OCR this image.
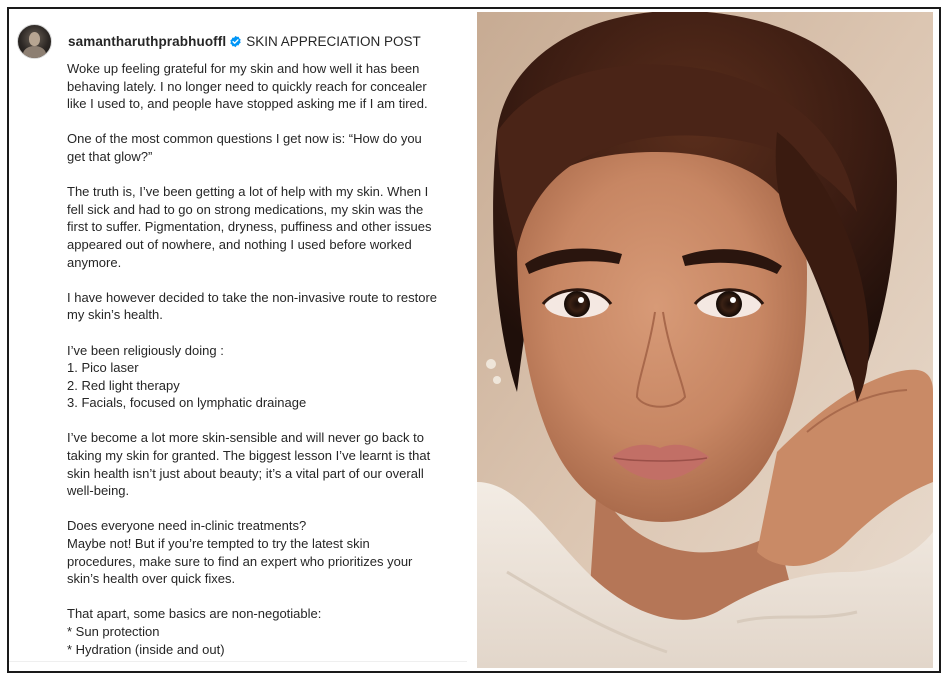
samantharuthprabhuoffl SKIN APPRECIATION POST

Woke up feeling grateful for my skin and how well it has been
behaving lately. I no longer need to quickly reach for concealer
like I used to, and people have stopped asking me if I am tired.

One of the most common questions I get now is: “How do you
get that glow?”

The truth is, I’ve been getting a lot of help with my skin. When I
fell sick and had to go on strong medications, my skin was the
first to suffer. Pigmentation, dryness, puffiness and other issues
appeared out of nowhere, and nothing I used before worked
anymore.

I have however decided to take the non-invasive route to restore
my skin’s health.

I’ve been religiously doing :
1. Pico laser
2. Red light therapy
3. Facials, focused on lymphatic drainage

I’ve become a lot more skin-sensible and will never go back to
taking my skin for granted. The biggest lesson I’ve learnt is that
skin health isn’t just about beauty; it’s a vital part of our overall
well-being.

Does everyone need in-clinic treatments?
Maybe not! But if you’re tempted to try the latest skin
procedures, make sure to find an expert who prioritizes your
skin’s health over quick fixes.

That apart, some basics are non-negotiable:
* Sun protection
* Hydration (inside and out)
